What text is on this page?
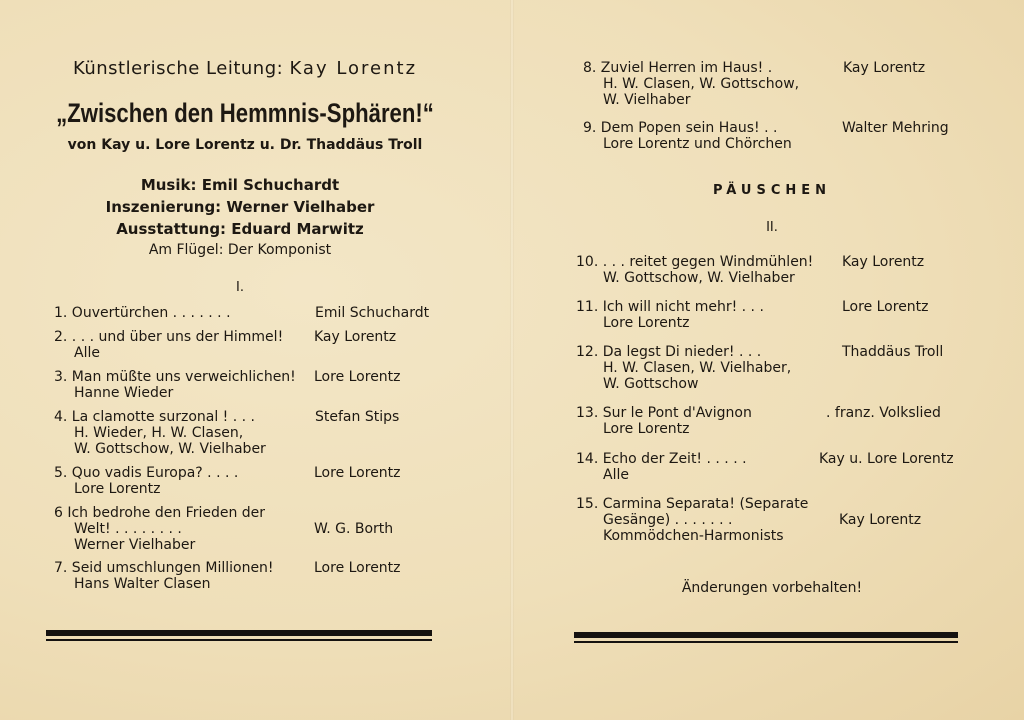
Künstlerische Leitung: Kay Lorentz
„Zwischen den Hemmnis-Sphären!“
von Kay u. Lore Lorentz u. Dr. Thaddäus Troll
Musik: Emil Schuchardt
Inszenierung: Werner Vielhaber
Ausstattung: Eduard Marwitz
Am Flügel: Der Komponist
I.
1. Ouvertürchen . . . . . . .	Emil Schuchardt
2. . . . und über uns der Himmel! Kay Lorentz
Alle
3. Man müßte uns verweichlichen! Lore Lorentz
Hanne Wieder
4. La clamotte surzonal ! . . .	Stefan Stips
H. Wieder, H. W. Clasen,
W. Gottschow, W. Vielhaber
5. Quo vadis Europa? . . . .	Lore Lorentz
Lore Lorentz
6 Ich bedrohe den Frieden der
Welt! . . . . . . . .	W. G. Borth
Werner Vielhaber
7. Seid umschlungen Millionen!	Lore Lorentz
Hans Walter Clasen
8. Zuviel Herren im Haus! .	Kay Lorentz
H. W. Clasen, W. Gottschow,
W. Vielhaber
9. Dem Popen sein Haus! . .	Walter Mehring
Lore Lorentz und Chörchen
PÄUSCHEN
II.
10. . . . reitet gegen Windmühlen! Kay Lorentz
W. Gottschow, W. Vielhaber
11. Ich will nicht mehr! . . .	Lore Lorentz
Lore Lorentz
12. Da legst Di nieder! . . .	Thaddäus Troll
H. W. Clasen, W. Vielhaber,
W. Gottschow
13. Sur le Pont d'Avignon	. franz. Volkslied
Lore Lorentz
14. Echo der Zeit! . . . . .	Kay u. Lore Lorentz
Alle
15. Carmina Separata! (Separate
Gesänge) . . . . . . .	Kay Lorentz
Kommödchen-Harmonists
Änderungen vorbehalten!
